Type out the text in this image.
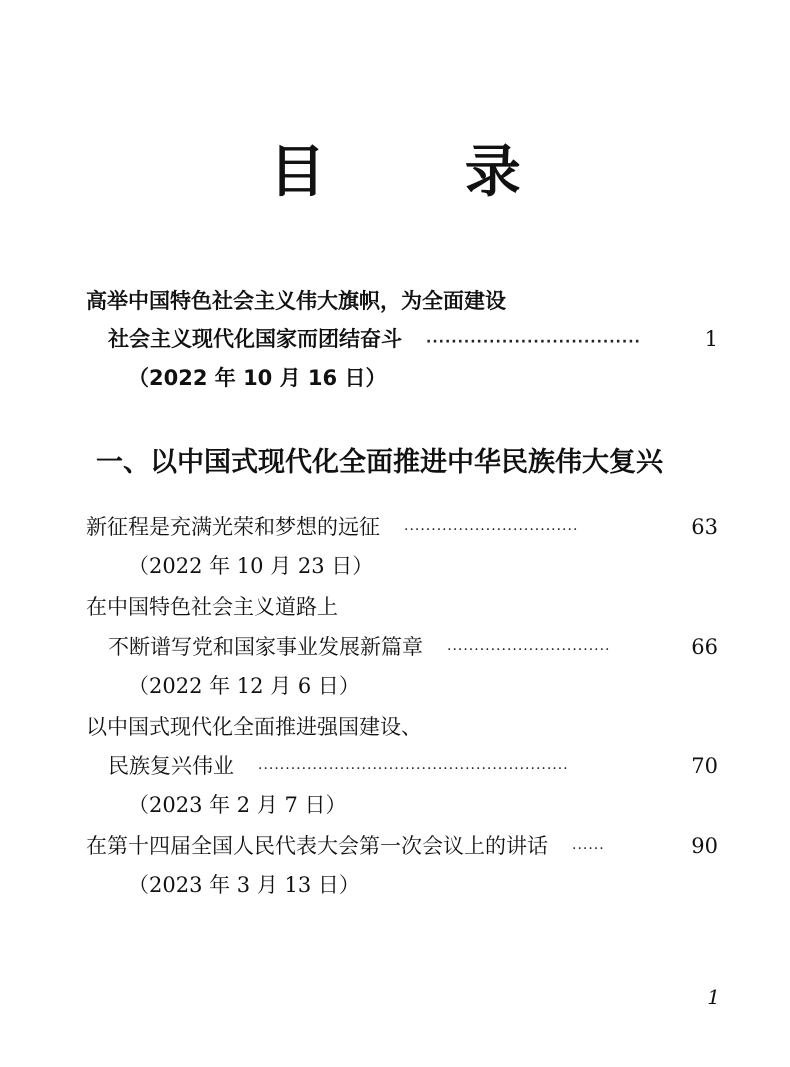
目 录
高举中国特色社会主义伟大旗帜，为全面建设
社会主义现代化国家而团结奋斗 ··································	1
（2022 年 10 月 16 日）
一、以中国式现代化全面推进中华民族伟大复兴
新征程是充满光荣和梦想的远征 ································	63
（2022 年 10 月 23 日）
在中国特色社会主义道路上
不断谱写党和国家事业发展新篇章 ······························	66
（2022 年 12 月 6 日）
以中国式现代化全面推进强国建设、
民族复兴伟业 ·························································	70
（2023 年 2 月 7 日）
在第十四届全国人民代表大会第一次会议上的讲话 ······	90
（2023 年 3 月 13 日）
1
